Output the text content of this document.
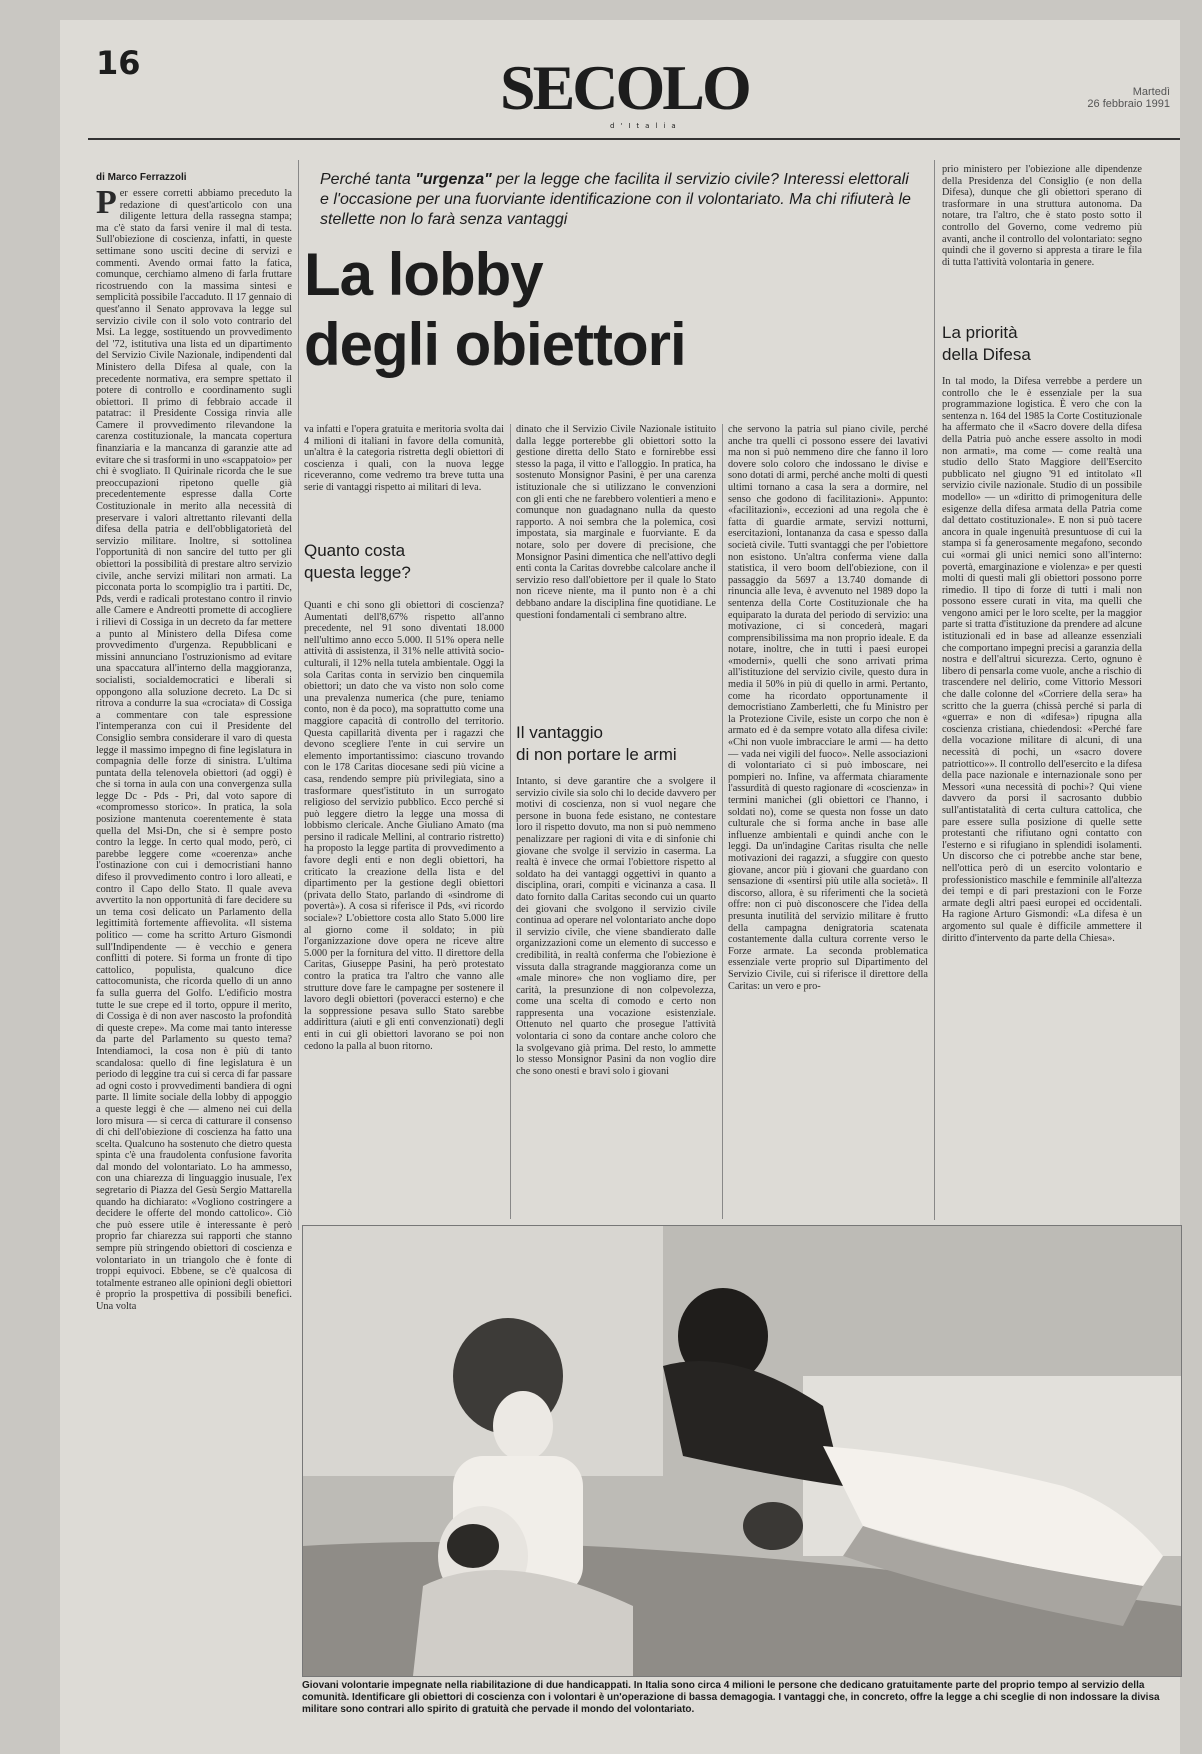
16	SECOLO
d'Italia
Martedì
26 febbraio 1991
di Marco Ferrazzoli
Per essere corretti abbiamo preceduto la redazione di quest'articolo con una diligente lettura della rassegna stampa; ma c'è stato da farsi venire il mal di testa. Sull'obiezione di coscienza, infatti, in queste settimane sono usciti decine di servizi e commenti. Avendo ormai fatto la fatica, comunque, cerchiamo almeno di farla fruttare ricostruendo con la massima sintesi e semplicità possibile l'accaduto. Il 17 gennaio di quest'anno il Senato approvava la legge sul servizio civile con il solo voto contrario del Msi. La legge, sostituendo un provvedimento del '72, istitutiva una lista ed un dipartimento del Servizio Civile Nazionale, indipendenti dal Ministero della Difesa al quale, con la precedente normativa, era sempre spettato il potere di controllo e coordinamento sugli obiettori. Il primo di febbraio accade il patatrac: il Presidente Cossiga rinvia alle Camere il provvedimento rilevandone la carenza costituzionale, la mancata copertura finanziaria e la mancanza di garanzie atte ad evitare che si trasformi in uno «scappatoio» per chi è svogliato. Il Quirinale ricorda che le sue preoccupazioni ripetono quelle già precedentemente espresse dalla Corte Costituzionale in merito alla necessità di preservare i valori altrettanto rilevanti della difesa della patria e dell'obbligatorietà del servizio militare. Inoltre, si sottolinea l'opportunità di non sancire del tutto per gli obiettori la possibilità di prestare altro servizio civile, anche servizi militari non armati. La picconata porta lo scompiglio tra i partiti. Dc, Pds, verdi e radicali protestano contro il rinvio alle Camere e Andreotti promette di accogliere i rilievi di Cossiga in un decreto da far mettere a punto al Ministero della Difesa come provvedimento d'urgenza. Repubblicani e missini annunciano l'ostruzionismo ad evitare una spaccatura all'interno della maggioranza, socialisti, socialdemocratici e liberali si oppongono alla soluzione decreto. La Dc si ritrova a condurre la sua «crociata» di Cossiga a commentare con tale espressione l'intemperanza con cui il Presidente del Consiglio sembra considerare il varo di questa legge il massimo impegno di fine legislatura in compagnia delle forze di sinistra. L'ultima puntata della telenovela obiettori (ad oggi) è che si torna in aula con una convergenza sulla legge Dc - Pds - Pri, dal voto sapore di «compromesso storico». In pratica, la sola posizione mantenuta coerentemente è stata quella del Msi-Dn, che si è sempre posto contro la legge. In certo qual modo, però, ci parebbe leggere come «coerenza» anche l'ostinazione con cui i democristiani hanno difeso il provvedimento contro i loro alleati, e contro il Capo dello Stato. Il quale aveva avvertito la non opportunità di fare decidere su un tema così delicato un Parlamento della legittimità fortemente affievolita. «Il sistema politico — come ha scritto Arturo Gismondi sull'Indipendente — è vecchio e genera conflitti di potere. Si forma un fronte di tipo cattolico, populista, qualcuno dice cattocomunista, che ricorda quello di un anno fa sulla guerra del Golfo. L'edificio mostra tutte le sue crepe ed il torto, oppure il merito, di Cossiga è di non aver nascosto la profondità di queste crepe». Ma come mai tanto interesse da parte del Parlamento su questo tema? Intendiamoci, la cosa non è più di tanto scandalosa: quello di fine legislatura è un periodo di leggine tra cui si cerca di far passare ad ogni costo i provvedimenti bandiera di ogni parte. Il limite sociale della lobby di appoggio a queste leggi è che — almeno nei cui della loro misura — si cerca di catturare il consenso di chi dell'obiezione di coscienza ha fatto una scelta. Qualcuno ha sostenuto che dietro questa spinta c'è una fraudolenta confusione favorita dal mondo del volontariato. Lo ha ammesso, con una chiarezza di linguaggio inusuale, l'ex segretario di Piazza del Gesù Sergio Mattarella quando ha dichiarato: «Vogliono costringere a decidere le offerte del mondo cattolico». Ciò che può essere utile è interessante è però proprio far chiarezza sui rapporti che stanno sempre più stringendo obiettori di coscienza e volontariato in un triangolo che è fonte di troppi equivoci. Ebbene, se c'è qualcosa di totalmente estraneo alle opinioni degli obiettori è proprio la prospettiva di possibili benefici. Una volta
Perché tanta "urgenza" per la legge che facilita il servizio civile? Interessi elettorali e l'occasione per una fuorviante identificazione con il volontariato. Ma chi rifiuterà le stellette non lo farà senza vantaggi
La lobby
degli obiettori
va infatti e l'opera gratuita e meritoria svolta dai 4 milioni di italiani in favore della comunità, un'altra è la categoria ristretta degli obiettori di coscienza i quali, con la nuova legge riceveranno, come vedremo tra breve tutta una serie di vantaggi rispetto ai militari di leva.
Quanto costa
questa legge?
Quanti e chi sono gli obiettori di coscienza? Aumentati dell'8,67% rispetto all'anno precedente, nel 91 sono diventati 18.000 nell'ultimo anno ecco 5.000. Il 51% opera nelle attività di assistenza, il 31% nelle attività socio-culturali, il 12% nella tutela ambientale. Oggi la sola Caritas conta in servizio ben cinquemila obiettori; un dato che va visto non solo come una prevalenza numerica (che pure, teniamo conto, non è da poco), ma soprattutto come una maggiore capacità di controllo del territorio. Questa capillarità diventa per i ragazzi che devono scegliere l'ente in cui servire un elemento importantissimo: ciascuno trovando con le 178 Caritas diocesane sedi più vicine a casa, rendendo sempre più privilegiata, sino a trasformare quest'istituto in un surrogato religioso del servizio pubblico. Ecco perché si può leggere dietro la legge una mossa di lobbismo clericale. Anche Giuliano Amato (ma persino il radicale Mellini, al contrario ristretto) ha proposto la legge partita di provvedimento a favore degli enti e non degli obiettori, ha criticato la creazione della lista e del dipartimento per la gestione degli obiettori (privata dello Stato, parlando di «sindrome di povertà»). A cosa si riferisce il Pds, «vi ricordo sociale»? L'obiettore costa allo Stato 5.000 lire al giorno come il soldato; in più l'organizzazione dove opera ne riceve altre 5.000 per la fornitura del vitto. Il direttore della Caritas, Giuseppe Pasini, ha però protestato contro la pratica tra l'altro che vanno alle strutture dove fare le campagne per sostenere il lavoro degli obiettori (poveracci esterno) e che la soppressione pesava sullo Stato sarebbe addirittura (aiuti e gli enti convenzionati) degli enti in cui gli obiettori lavorano se poi non cedono la palla al buon ritorno.
dinato che il Servizio Civile Nazionale istituito dalla legge porterebbe gli obiettori sotto la gestione diretta dello Stato e fornirebbe essi stesso la paga, il vitto e l'alloggio. In pratica, ha sostenuto Monsignor Pasini, è per una carenza istituzionale che si utilizzano le convenzioni con gli enti che ne farebbero volentieri a meno e comunque non guadagnano nulla da questo rapporto. A noi sembra che la polemica, così impostata, sia marginale e fuorviante. E da notare, solo per dovere di precisione, che Monsignor Pasini dimentica che nell'attivo degli enti conta la Caritas dovrebbe calcolare anche il servizio reso dall'obiettore per il quale lo Stato non riceve niente, ma il punto non è a chi debbano andare la disciplina fine quotidiane. Le questioni fondamentali ci sembrano altre.
Il vantaggio
di non portare le armi
Intanto, si deve garantire che a svolgere il servizio civile sia solo chi lo decide davvero per motivi di coscienza, non si vuol negare che persone in buona fede esistano, ne contestare loro il rispetto dovuto, ma non si può nemmeno penalizzare per ragioni di vita e di sinfonie chi giovane che svolge il servizio in caserma. La realtà è invece che ormai l'obiettore rispetto al soldato ha dei vantaggi oggettivi in quanto a disciplina, orari, compiti e vicinanza a casa. Il dato fornito dalla Caritas secondo cui un quarto dei giovani che svolgono il servizio civile continua ad operare nel volontariato anche dopo il servizio civile, che viene sbandierato dalle organizzazioni come un elemento di successo e credibilità, in realtà conferma che l'obiezione è vissuta dalla stragrande maggioranza come un «male minore» che non vogliamo dire, per carità, la presunzione di non colpevolezza, come una scelta di comodo e certo non rappresenta una vocazione esistenziale. Ottenuto nel quarto che prosegue l'attività volontaria ci sono da contare anche coloro che la svolgevano già prima. Del resto, lo ammette lo stesso Monsignor Pasini da non voglio dire che sono onesti e bravi solo i giovani
che servono la patria sul piano civile, perché anche tra quelli ci possono essere dei lavativi ma non si può nemmeno dire che fanno il loro dovere solo coloro che indossano le divise e sono dotati di armi, perché anche molti di questi ultimi tornano a casa la sera a dormire, nel senso che godono di facilitazioni». Appunto: «facilitazioni», eccezioni ad una regola che è fatta di guardie armate, servizi notturni, esercitazioni, lontananza da casa e spesso dalla società civile. Tutti svantaggi che per l'obiettore non esistono. Un'altra conferma viene dalla statistica, il vero boom dell'obiezione, con il passaggio da 5697 a 13.740 domande di rinuncia alle leva, è avvenuto nel 1989 dopo la sentenza della Corte Costituzionale che ha equiparato la durata del periodo di servizio: una motivazione, ci si concederà, magari comprensibilissima ma non proprio ideale. E da notare, inoltre, che in tutti i paesi europei «moderni», quelli che sono arrivati prima all'istituzione del servizio civile, questo dura in media il 50% in più di quello in armi. Pertanto, come ha ricordato opportunamente il democristiano Zamberletti, che fu Ministro per la Protezione Civile, esiste un corpo che non è armato ed è da sempre votato alla difesa civile: «Chi non vuole imbracciare le armi — ha detto — vada nei vigili del fuoco». Nelle associazioni di volontariato ci si può imboscare, nei pompieri no. Infine, va affermata chiaramente l'assurdità di questo ragionare di «coscienza» in termini manichei (gli obiettori ce l'hanno, i soldati no), come se questa non fosse un dato culturale che si forma anche in base alle influenze ambientali e quindi anche con le leggi. Da un'indagine Caritas risulta che nelle motivazioni dei ragazzi, a sfuggire con questo giovane, ancor più i giovani che guardano con sensazione di «sentirsi più utile alla società». Il discorso, allora, è su riferimenti che la società offre: non ci può disconoscere che l'idea della presunta inutilità del servizio militare è frutto della campagna denigratoria scatenata costantemente dalla cultura corrente verso le Forze armate. La seconda problematica essenziale verte proprio sul Dipartimento del Servizio Civile, cui si riferisce il direttore della Caritas: un vero e pro-
prio ministero per l'obiezione alle dipendenze della Presidenza del Consiglio (e non della Difesa), dunque che gli obiettori sperano di trasformare in una struttura autonoma. Da notare, tra l'altro, che è stato posto sotto il controllo del Governo, come vedremo più avanti, anche il controllo del volontariato: segno quindi che il governo si appresta a tirare le fila di tutta l'attività volontaria in genere.
La priorità
della Difesa
In tal modo, la Difesa verrebbe a perdere un controllo che le è essenziale per la sua programmazione logistica. È vero che con la sentenza n. 164 del 1985 la Corte Costituzionale ha affermato che il «Sacro dovere della difesa della Patria può anche essere assolto in modi non armati», ma come — come realtà una studio dello Stato Maggiore dell'Esercito pubblicato nel giugno '91 ed intitolato «Il servizio civile nazionale. Studio di un possibile modello» — un «diritto di primogenitura delle esigenze della difesa armata della Patria come dal dettato costituzionale». E non si può tacere ancora in quale ingenuità presuntuose di cui la stampa si fa generosamente megafono, secondo cui «ormai gli unici nemici sono all'interno: povertà, emarginazione e violenza» e per questi molti di questi mali gli obiettori possono porre rimedio. Il tipo di forze di tutti i mali non possono essere curati in vita, ma quelli che vengono amici per le loro scelte, per la maggior parte si tratta d'istituzione da prendere ad alcune istituzionali ed in base ad alleanze essenziali che comportano impegni precisi a garanzia della nostra e dell'altrui sicurezza. Certo, ognuno è libero di pensarla come vuole, anche a rischio di trascendere nel delirio, come Vittorio Messori che dalle colonne del «Corriere della sera» ha scritto che la guerra (chissà perché si parla di «guerra» e non di «difesa») ripugna alla coscienza cristiana, chiedendosi: «Perché fare della vocazione militare di alcuni, di una necessità di pochi, un «sacro dovere patriottico»». Il controllo dell'esercito e la difesa della pace nazionale e internazionale sono per Messori «una necessità di pochi»? Qui viene davvero da porsi il sacrosanto dubbio sull'antistatalità di certa cultura cattolica, che pare essere sulla posizione di quelle sette protestanti che rifiutano ogni contatto con l'esterno e si rifugiano in splendidi isolamenti. Un discorso che ci potrebbe anche star bene, nell'ottica però di un esercito volontario e professionistico maschile e femminile all'altezza dei tempi e di pari prestazioni con le Forze armate degli altri paesi europei ed occidentali. Ha ragione Arturo Gismondi: «La difesa è un argomento sul quale è difficile ammettere il diritto d'intervento da parte della Chiesa».
Giovani volontarie impegnate nella riabilitazione di due handicappati. In Italia sono circa 4 milioni le persone che dedicano gratuitamente parte del proprio tempo al servizio della comunità. Identificare gli obiettori di coscienza con i volontari è un'operazione di bassa demagogia. I vantaggi che, in concreto, offre la legge a chi sceglie di non indossare la divisa militare sono contrari allo spirito di gratuità che pervade il mondo del volontariato.
